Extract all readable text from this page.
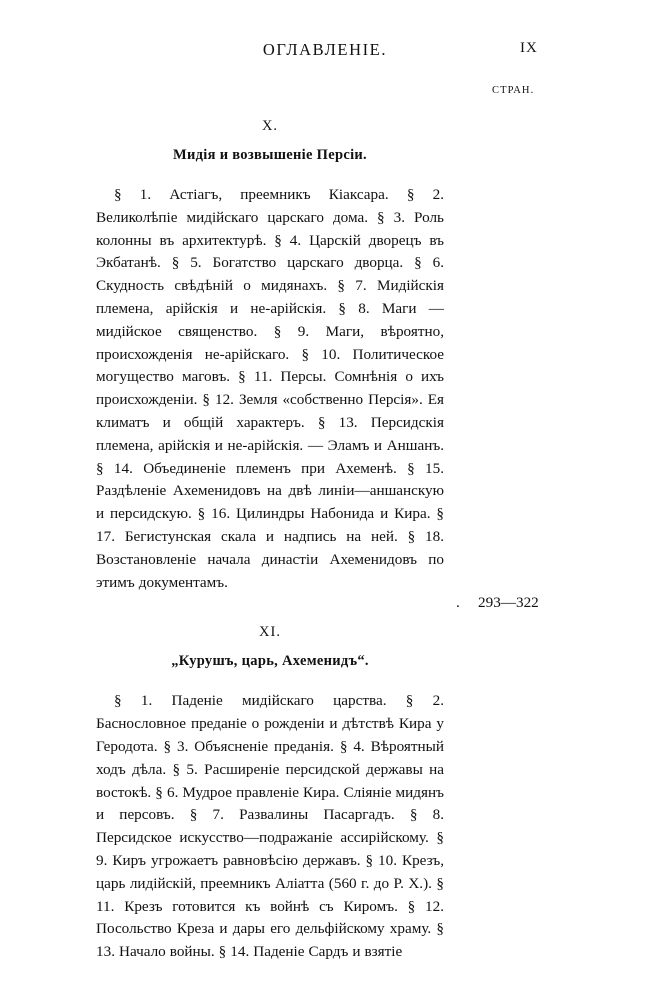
ОГЛАВЛЕНІЕ.	IX
СТРАН.
X.
Мидія и возвышеніе Персіи.
§ 1. Астіагъ, преемникъ Кіаксара. § 2. Великолѣпіе мидійскаго царскаго дома. § 3. Роль колонны въ архитектурѣ. § 4. Царскій дворецъ въ Экбатанѣ. § 5. Богатство царскаго дворца. § 6. Скудность свѣдѣній о мидянахъ. § 7. Мидійскія племена, арійскія и не-арійскія. § 8. Маги — мидійское священство. § 9. Маги, вѣроятно, происхожденія не-арійскаго. § 10. Политическое могущество маговъ. § 11. Персы. Сомнѣнія о ихъ происхожденіи. § 12. Земля «собственно Персія». Ея климатъ и общій характеръ. § 13. Персидскія племена, арійскія и не-арійскія. — Эламъ и Аншанъ. § 14. Объединеніе племенъ при Ахеменѣ. § 15. Раздѣленіе Ахеменидовъ на двѣ линіи—аншанскую и персидскую. § 16. Цилиндры Набонида и Кира. § 17. Бегистунская скала и надпись на ней. § 18. Возстановленіе начала династіи Ахеменидовъ по этимъ документамъ.
. 293—322
XI.
„Курушъ, царь, Ахеменидъ“.
§ 1. Паденіе мидійскаго царства. § 2. Баснословное преданіе о рожденіи и дѣтствѣ Кира у Геродота. § 3. Объясненіе преданія. § 4. Вѣроятный ходъ дѣла. § 5. Расширеніе персидской державы на востокѣ. § 6. Мудрое правленіе Кира. Сліяніе мидянъ и персовъ. § 7. Развалины Пасаргадъ. § 8. Персидское искусство—подражаніе ассирійскому. § 9. Киръ угрожаетъ равновѣсію державъ. § 10. Крезъ, царь лидійскій, преемникъ Аліатта (560 г. до Р. Х.). § 11. Крезъ готовится къ войнѣ съ Киромъ. § 12. Посольство Креза и дары его дельфійскому храму. § 13. Начало войны. § 14. Паденіе Сардъ и взятіе
